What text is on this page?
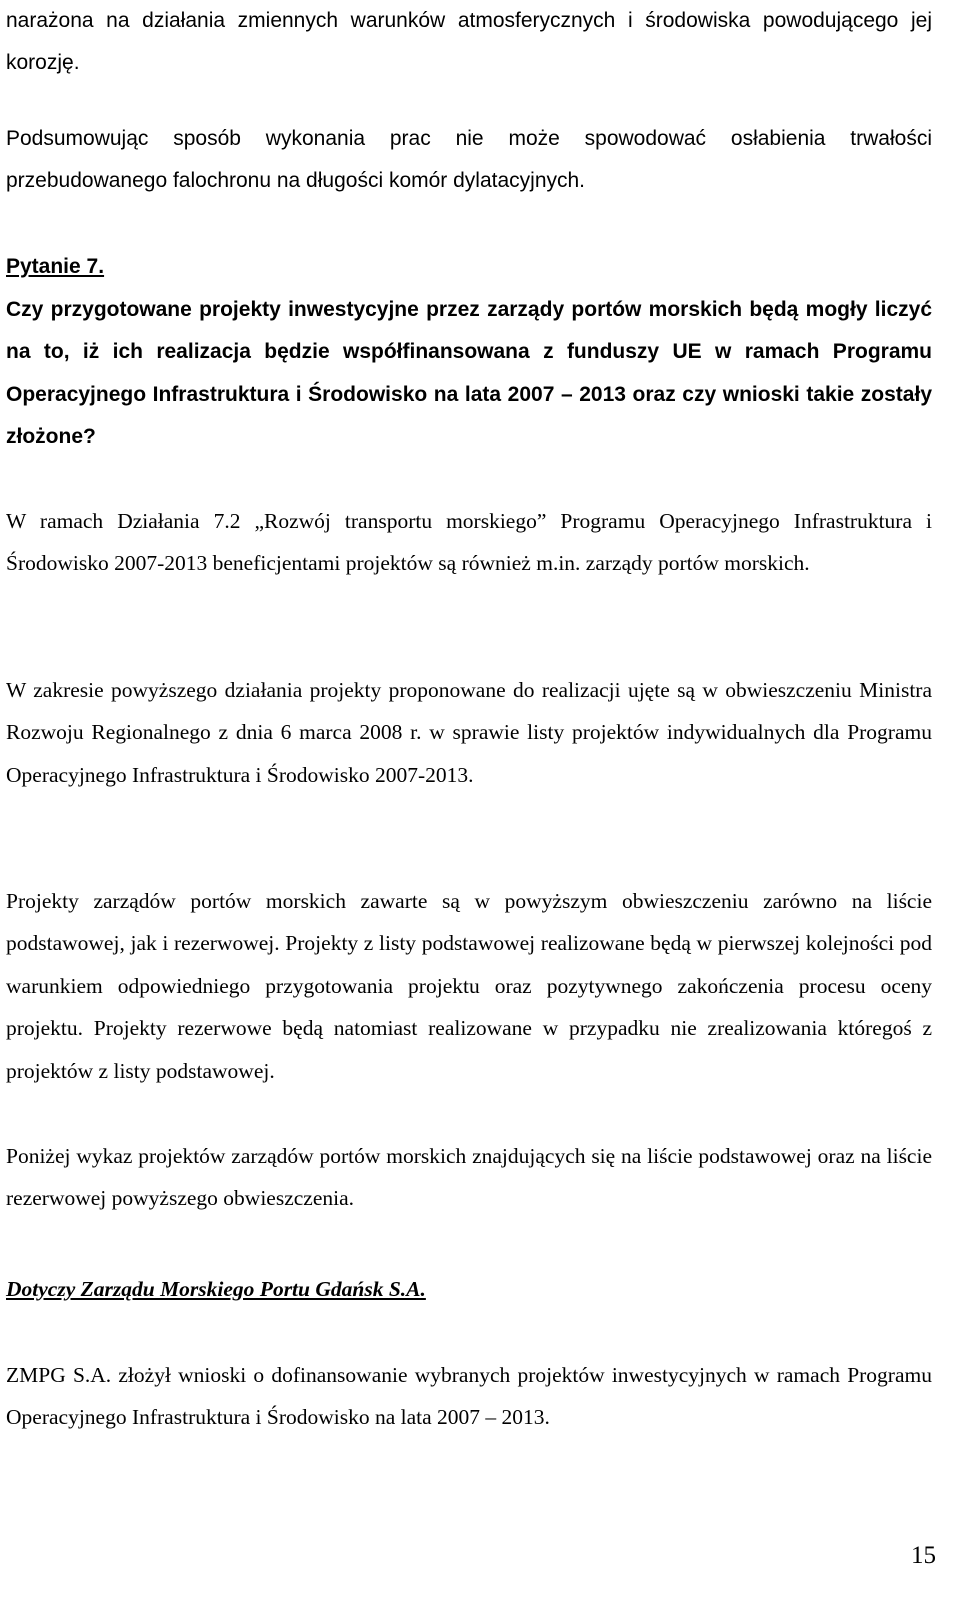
narażona na działania zmiennych warunków atmosferycznych i środowiska powodującego jej korozję.

Podsumowując sposób wykonania prac nie może spowodować osłabienia trwałości przebudowanego falochronu na długości komór dylatacyjnych.

Pytanie 7.

Czy przygotowane projekty inwestycyjne przez zarządy portów morskich będą mogły liczyć na to, iż ich realizacja będzie współfinansowana z funduszy UE w ramach Programu Operacyjnego Infrastruktura i Środowisko na lata 2007 – 2013 oraz czy wnioski takie zostały złożone?

W ramach Działania 7.2 „Rozwój transportu morskiego” Programu Operacyjnego Infrastruktura i Środowisko 2007-2013 beneficjentami projektów są również m.in. zarządy portów morskich.

W zakresie powyższego działania projekty proponowane do realizacji ujęte są w obwieszczeniu Ministra Rozwoju Regionalnego z dnia 6 marca 2008 r. w sprawie listy projektów indywidualnych dla Programu Operacyjnego Infrastruktura i Środowisko 2007-2013.

Projekty zarządów portów morskich zawarte są w powyższym obwieszczeniu zarówno na liście podstawowej, jak i rezerwowej. Projekty z listy podstawowej realizowane będą w pierwszej kolejności pod warunkiem odpowiedniego przygotowania projektu oraz pozytywnego zakończenia procesu oceny projektu. Projekty rezerwowe będą natomiast realizowane w przypadku nie zrealizowania któregoś z projektów z listy podstawowej.

Poniżej wykaz projektów zarządów portów morskich znajdujących się na liście podstawowej oraz na liście rezerwowej powyższego obwieszczenia.

Dotyczy Zarządu Morskiego Portu Gdańsk S.A.

ZMPG S.A. złożył wnioski o dofinansowanie wybranych projektów inwestycyjnych w ramach Programu Operacyjnego Infrastruktura i Środowisko na lata 2007 – 2013.

15
